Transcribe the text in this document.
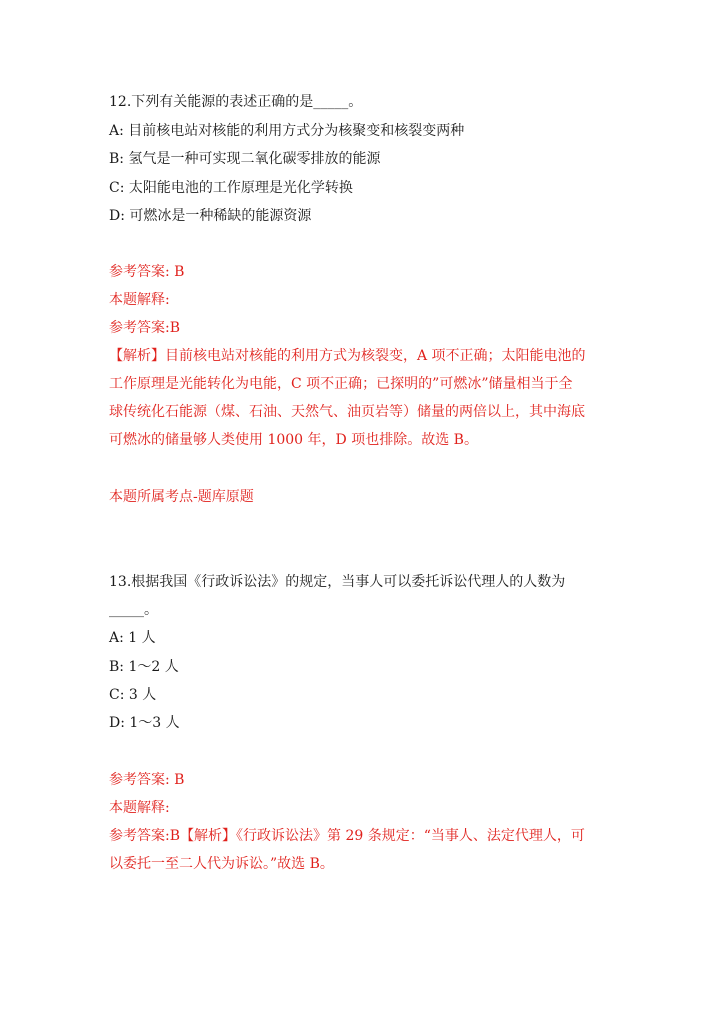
12.下列有关能源的表述正确的是_____。
A: 目前核电站对核能的利用方式分为核聚变和核裂变两种
B: 氢气是一种可实现二氧化碳零排放的能源
C: 太阳能电池的工作原理是光化学转换
D: 可燃冰是一种稀缺的能源资源
参考答案: B
本题解释:
参考答案:B
【解析】目前核电站对核能的利用方式为核裂变，A 项不正确；太阳能电池的
工作原理是光能转化为电能，C 项不正确；已探明的”可燃冰”储量相当于全
球传统化石能源（煤、石油、天然气、油页岩等）储量的两倍以上，其中海底
可燃冰的储量够人类使用 1000 年，D 项也排除。故选 B。
本题所属考点-题库原题
13.根据我国《行政诉讼法》的规定，当事人可以委托诉讼代理人的人数为
_____。
A: 1 人
B: 1～2 人
C: 3 人
D: 1～3 人
参考答案: B
本题解释:
参考答案:B【解析】《行政诉讼法》第 29 条规定：“当事人、法定代理人，可
以委托一至二人代为诉讼。”故选 B。
